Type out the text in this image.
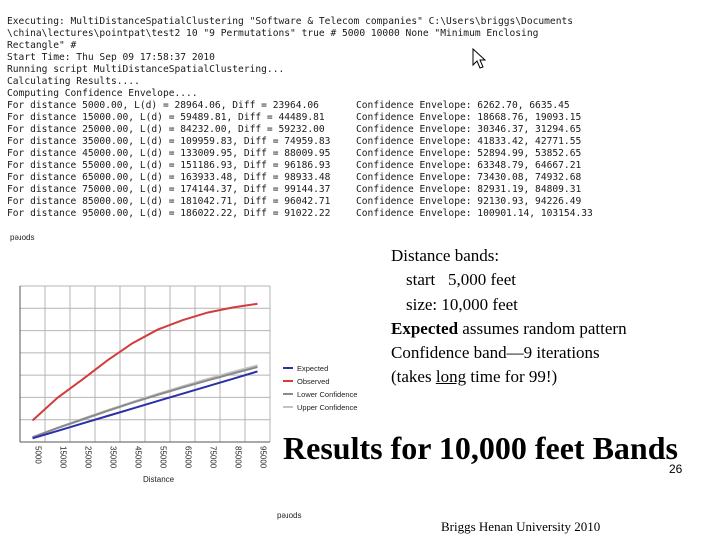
Executing: MultiDistanceSpatialClustering "Software & Telecom companies" C:\Users\briggs\Documents
\china\lectures\pointpat\test2 10 "9 Permutations" true # 5000 10000 None "Minimum Enclosing
Rectangle" #
Start Time: Thu Sep 09 17:58:37 2010
Running script MultiDistanceSpatialClustering...
Calculating Results....
Computing Confidence Envelope....
For distance 5000.00, L(d) = 28964.06, Diff = 23964.06	Confidence Envelope: 6262.70, 6635.45
For distance 15000.00, L(d) = 59489.81, Diff = 44489.81	Confidence Envelope: 18668.76, 19093.15
For distance 25000.00, L(d) = 84232.00, Diff = 59232.00	Confidence Envelope: 30346.37, 31294.65
For distance 35000.00, L(d) = 109959.83, Diff = 74959.83	Confidence Envelope: 41833.42, 42771.55
For distance 45000.00, L(d) = 133009.95, Diff = 88009.95	Confidence Envelope: 52894.99, 53852.65
For distance 55000.00, L(d) = 151186.93, Diff = 96186.93	Confidence Envelope: 63348.79, 64667.21
For distance 65000.00, L(d) = 163933.48, Diff = 98933.48	Confidence Envelope: 73430.08, 74932.68
For distance 75000.00, L(d) = 174144.37, Diff = 99144.37	Confidence Envelope: 82931.19, 84809.31
For distance 85000.00, L(d) = 181042.71, Diff = 96042.71	Confidence Envelope: 92130.93, 94226.49
For distance 95000.00, L(d) = 186022.22, Diff = 91022.22	Confidence Envelope: 100901.14, 103154.33
5000 15000 25000 35000 45000 55000 65000 75000 85000 95000
Distance
Expected
Observed
Lower Confidence
Upper Confidence
pəɹods
pəɹods
Distance bands:
start   5,000 feet
size: 10,000 feet
Expected assumes random pattern
Confidence band—9 iterations
(takes long time for 99!)
Results for 10,000 feet Bands
26
Briggs Henan University 2010
